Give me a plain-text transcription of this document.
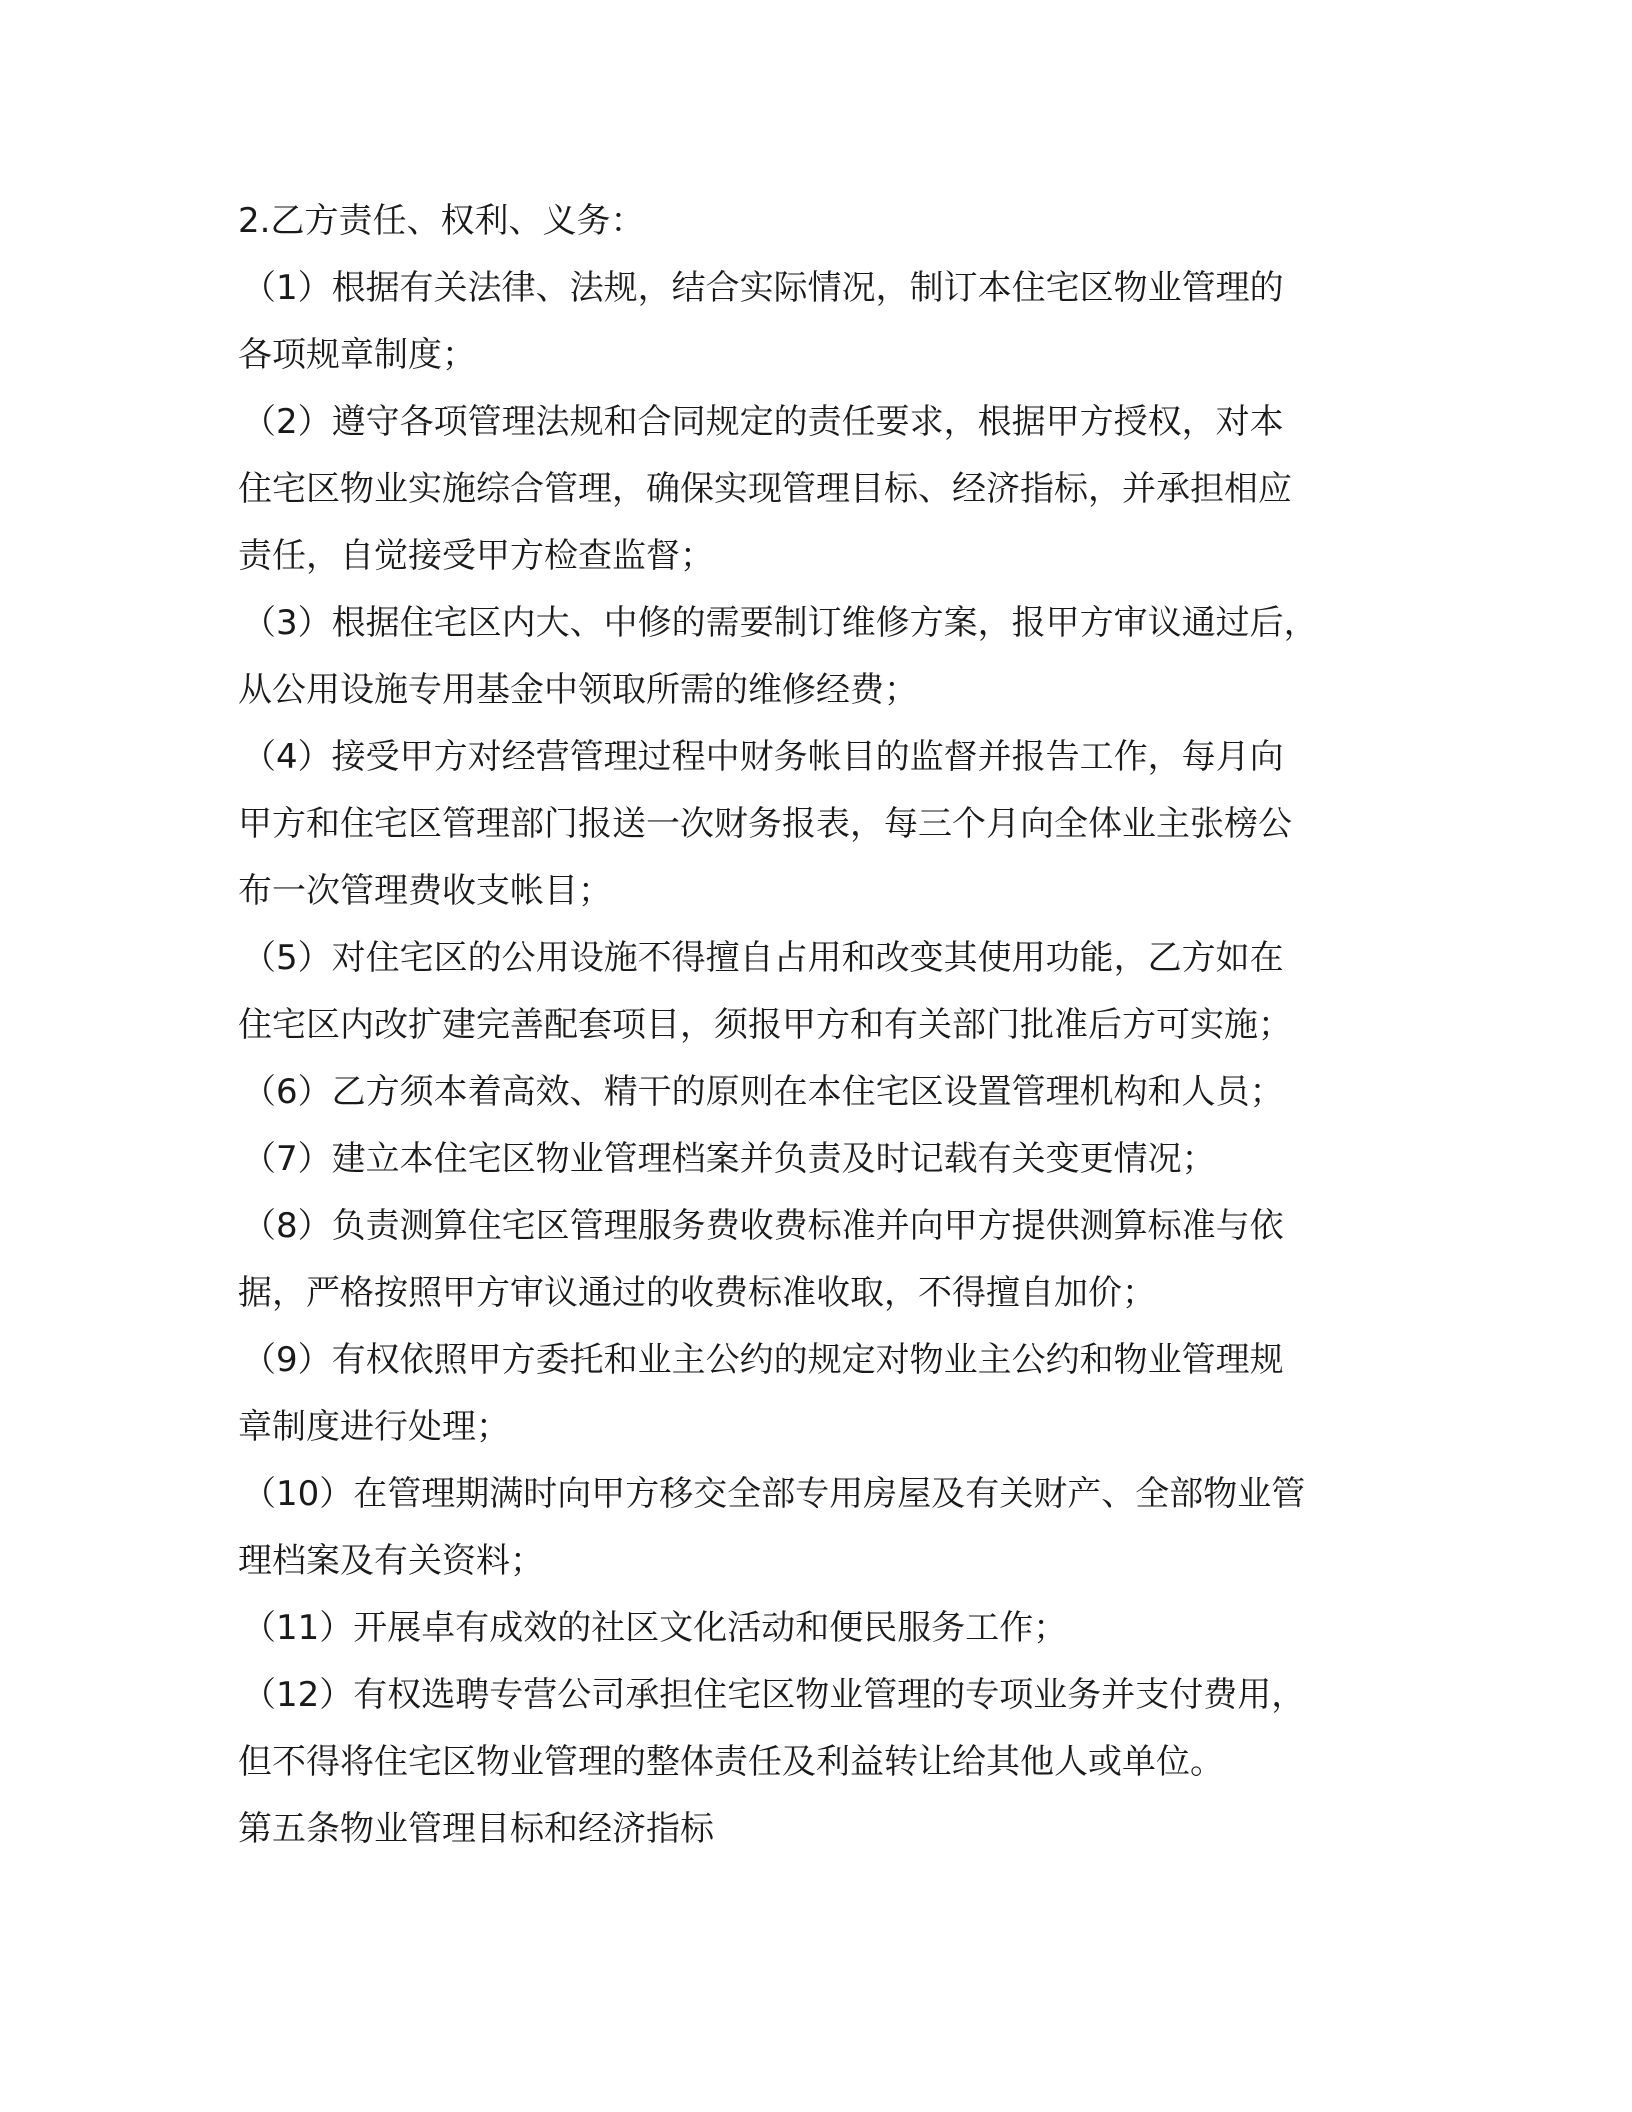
2.乙方责任、权利、义务：

（1）根据有关法律、法规，结合实际情况，制订本住宅区物业管理的

各项规章制度；

（2）遵守各项管理法规和合同规定的责任要求，根据甲方授权，对本

住宅区物业实施综合管理，确保实现管理目标、经济指标，并承担相应

责任，自觉接受甲方检查监督；

（3）根据住宅区内大、中修的需要制订维修方案，报甲方审议通过后，

从公用设施专用基金中领取所需的维修经费；

（4）接受甲方对经营管理过程中财务帐目的监督并报告工作，每月向

甲方和住宅区管理部门报送一次财务报表，每三个月向全体业主张榜公

布一次管理费收支帐目；

（5）对住宅区的公用设施不得擅自占用和改变其使用功能，乙方如在

住宅区内改扩建完善配套项目，须报甲方和有关部门批准后方可实施；

（6）乙方须本着高效、精干的原则在本住宅区设置管理机构和人员；

（7）建立本住宅区物业管理档案并负责及时记载有关变更情况；

（8）负责测算住宅区管理服务费收费标准并向甲方提供测算标准与依

据，严格按照甲方审议通过的收费标准收取，不得擅自加价；

（9）有权依照甲方委托和业主公约的规定对物业主公约和物业管理规

章制度进行处理；

（10）在管理期满时向甲方移交全部专用房屋及有关财产、全部物业管

理档案及有关资料；

（11）开展卓有成效的社区文化活动和便民服务工作；

（12）有权选聘专营公司承担住宅区物业管理的专项业务并支付费用，

但不得将住宅区物业管理的整体责任及利益转让给其他人或单位。

第五条物业管理目标和经济指标
